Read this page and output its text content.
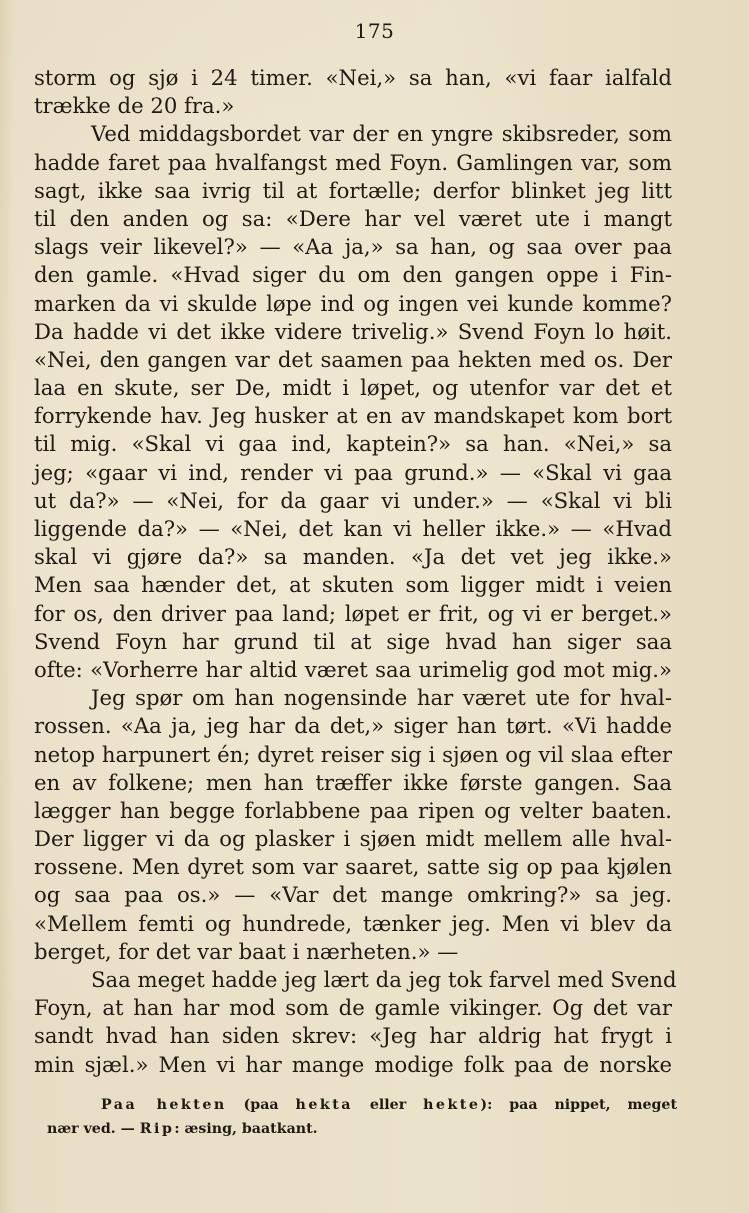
175
storm og sjø i 24 timer. «Nei,» sa han, «vi faar ialfald
trække de 20 fra.»
Ved middagsbordet var der en yngre skibsreder, som
hadde faret paa hvalfangst med Foyn. Gamlingen var, som
sagt, ikke saa ivrig til at fortælle; derfor blinket jeg litt
til den anden og sa: «Dere har vel været ute i mangt
slags veir likevel?» — «Aa ja,» sa han, og saa over paa
den gamle. «Hvad siger du om den gangen oppe i Fin-
marken da vi skulde løpe ind og ingen vei kunde komme?
Da hadde vi det ikke videre trivelig.» Svend Foyn lo høit.
«Nei, den gangen var det saamen paa hekten med os. Der
laa en skute, ser De, midt i løpet, og utenfor var det et
forrykende hav. Jeg husker at en av mandskapet kom bort
til mig. «Skal vi gaa ind, kaptein?» sa han. «Nei,» sa
jeg; «gaar vi ind, render vi paa grund.» — «Skal vi gaa
ut da?» — «Nei, for da gaar vi under.» — «Skal vi bli
liggende da?» — «Nei, det kan vi heller ikke.» — «Hvad
skal vi gjøre da?» sa manden. «Ja det vet jeg ikke.»
Men saa hænder det, at skuten som ligger midt i veien
for os, den driver paa land; løpet er frit, og vi er berget.»
Svend Foyn har grund til at sige hvad han siger saa
ofte: «Vorherre har altid været saa urimelig god mot mig.»
Jeg spør om han nogensinde har været ute for hval-
rossen. «Aa ja, jeg har da det,» siger han tørt. «Vi hadde
netop harpunert én; dyret reiser sig i sjøen og vil slaa efter
en av folkene; men han træffer ikke første gangen. Saa
lægger han begge forlabbene paa ripen og velter baaten.
Der ligger vi da og plasker i sjøen midt mellem alle hval-
rossene. Men dyret som var saaret, satte sig op paa kjølen
og saa paa os.» — «Var det mange omkring?» sa jeg.
«Mellem femti og hundrede, tænker jeg. Men vi blev da
berget, for det var baat i nærheten.» —
Saa meget hadde jeg lært da jeg tok farvel med Svend
Foyn, at han har mod som de gamle vikinger. Og det var
sandt hvad han siden skrev: «Jeg har aldrig hat frygt i
min sjæl.» Men vi har mange modige folk paa de norske
Paa hekten (paa hekta eller hekte): paa nippet, meget
nær ved. — Rip: æsing, baatkant.
